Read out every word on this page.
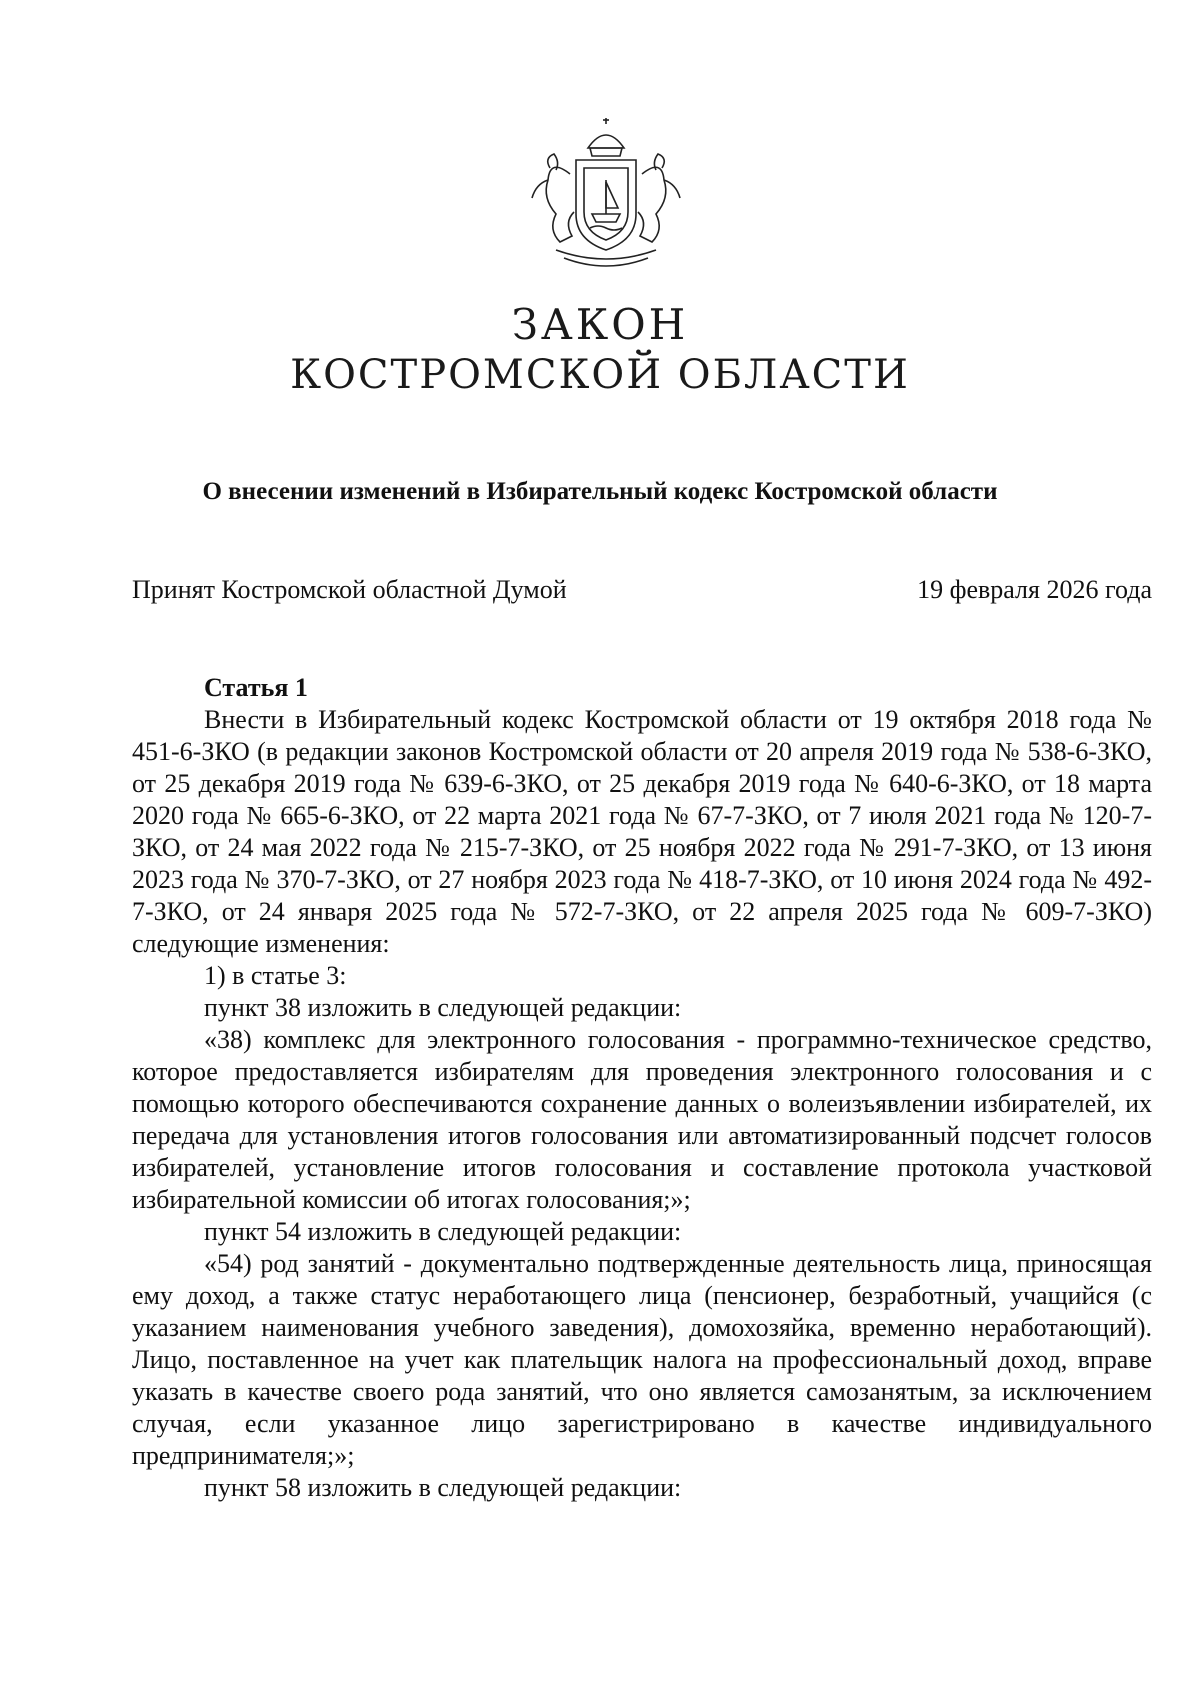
ЗАКОН
КОСТРОМСКОЙ ОБЛАСТИ
О внесении изменений в Избирательный кодекс Костромской области
Принят Костромской областной Думой	19 февраля 2026 года

Статья 1

Внести в Избирательный кодекс Костромской области от 19 октября 2018 года № 451-6-ЗКО (в редакции законов Костромской области от 20 апреля 2019 года № 538-6-ЗКО, от 25 декабря 2019 года № 639-6-ЗКО, от 25 декабря 2019 года № 640-6-ЗКО, от 18 марта 2020 года № 665-6-ЗКО, от 22 марта 2021 года № 67-7-ЗКО, от 7 июля 2021 года № 120-7-ЗКО, от 24 мая 2022 года № 215-7-ЗКО, от 25 ноября 2022 года № 291-7-ЗКО, от 13 июня 2023 года № 370-7-ЗКО, от 27 ноября 2023 года № 418-7-ЗКО, от 10 июня 2024 года № 492-7-ЗКО, от 24 января 2025 года № 572-7-ЗКО, от 22 апреля 2025 года № 609-7-ЗКО) следующие изменения:

1) в статье 3:

пункт 38 изложить в следующей редакции:

«38) комплекс для электронного голосования - программно-техническое средство, которое предоставляется избирателям для проведения электронного голосования и с помощью которого обеспечиваются сохранение данных о волеизъявлении избирателей, их передача для установления итогов голосования или автоматизированный подсчет голосов избирателей, установление итогов голосования и составление протокола участковой избирательной комиссии об итогах голосования;»;

пункт 54 изложить в следующей редакции:

«54) род занятий - документально подтвержденные деятельность лица, приносящая ему доход, а также статус неработающего лица (пенсионер, безработный, учащийся (с указанием наименования учебного заведения), домохозяйка, временно неработающий). Лицо, поставленное на учет как плательщик налога на профессиональный доход, вправе указать в качестве своего рода занятий, что оно является самозанятым, за исключением случая, если указанное лицо зарегистрировано в качестве индивидуального предпринимателя;»;

пункт 58 изложить в следующей редакции:
